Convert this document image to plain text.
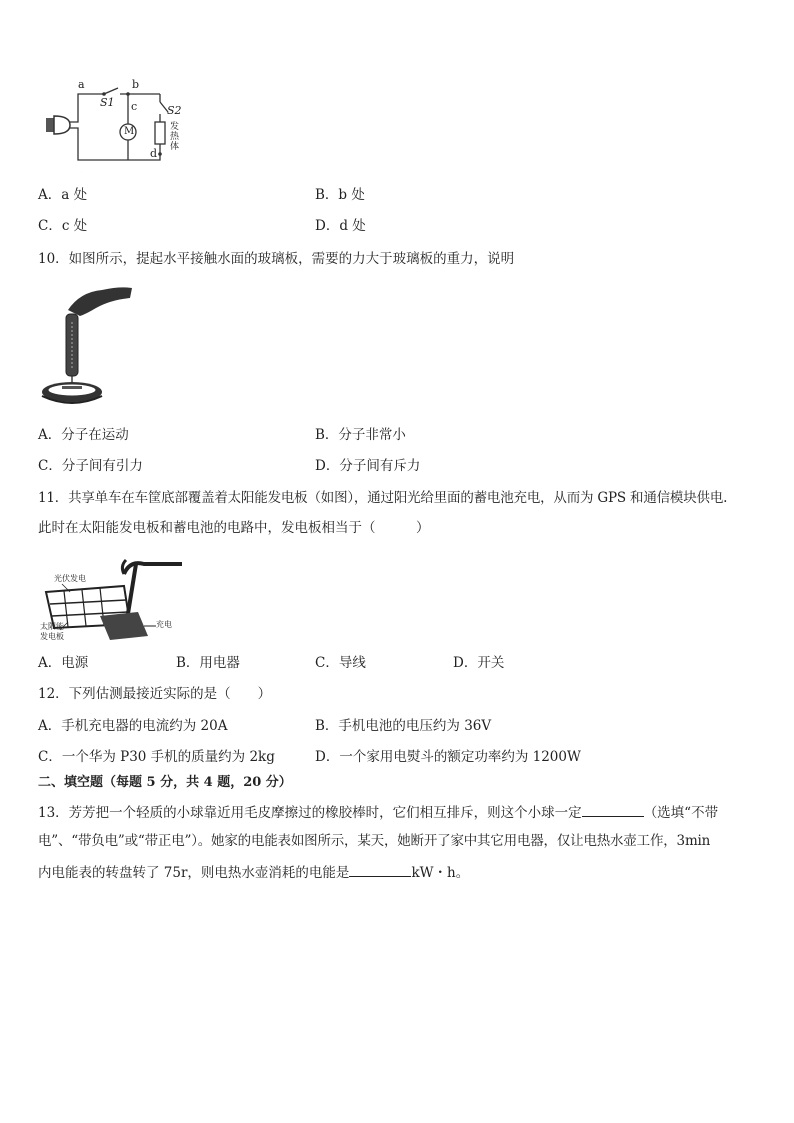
a	b
c
d
S1
S2
M	发热体
A．a 处	B．b 处
C．c 处	D．d 处
10．如图所示，提起水平接触水面的玻璃板，需要的力大于玻璃板的重力，说明
A．分子在运动	B．分子非常小
C．分子间有引力	D．分子间有斥力
11．共享单车在车筐底部覆盖着太阳能发电板（如图），通过阳光给里面的蓄电池充电，从而为 GPS 和通信模块供电.
此时在太阳能发电板和蓄电池的电路中，发电板相当于（　　　）
光伏发电
太阳能
发电板
充电
A．电源	B．用电器	C．导线	D．开关
12．下列估测最接近实际的是（　　）
A．手机充电器的电流约为 20A	B．手机电池的电压约为 36V
C．一个华为 P30 手机的质量约为 2kg	D．一个家用电熨斗的额定功率约为 1200W
二、填空题（每题 5 分，共 4 题，20 分）
13．芳芳把一个轻质的小球靠近用毛皮摩擦过的橡胶棒时，它们相互排斥，则这个小球一定	（选填“不带
电”、“带负电”或“带正电”）。她家的电能表如图所示，某天，她断开了家中其它用电器，仅让电热水壶工作，3min
内电能表的转盘转了 75r，则电热水壶消耗的电能是	kW・h。
